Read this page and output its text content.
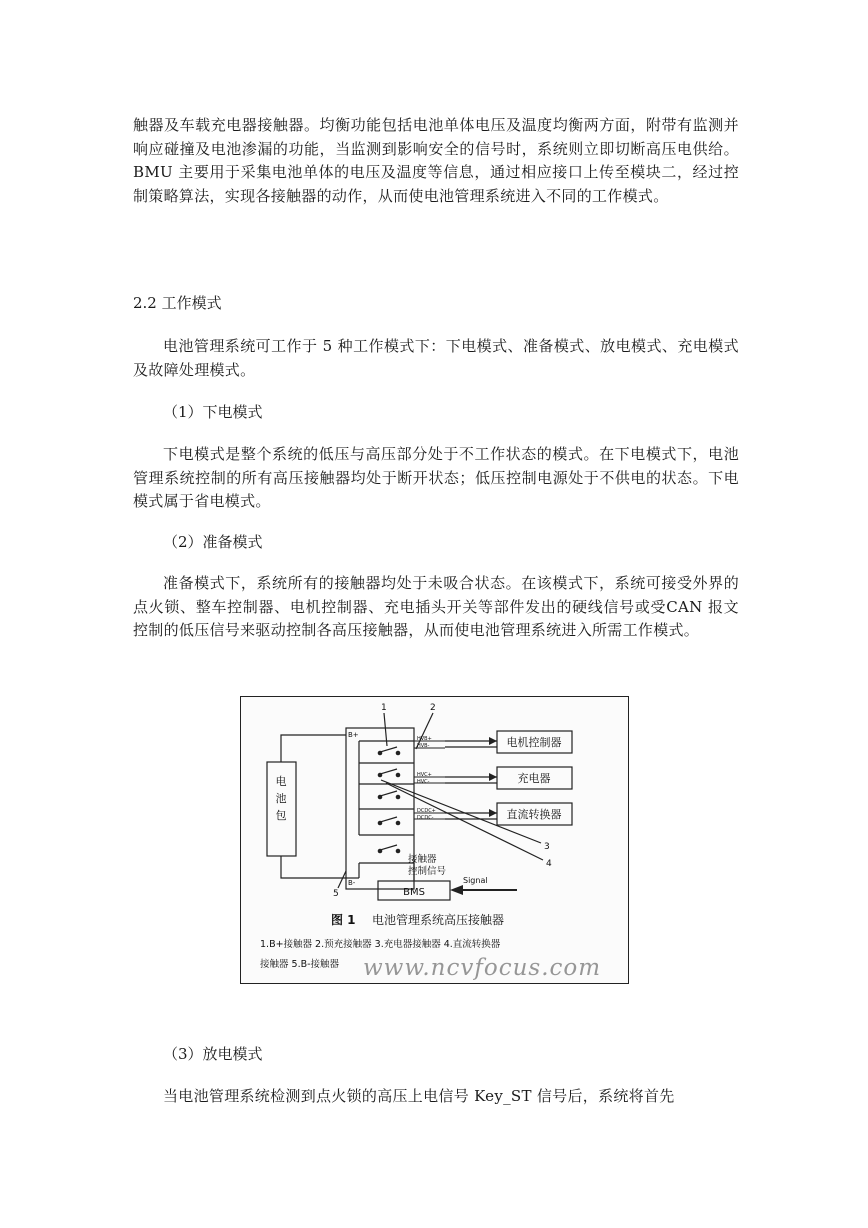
触器及车载充电器接触器。均衡功能包括电池单体电压及温度均衡两方面，附带有监测并响应碰撞及电池渗漏的功能，当监测到影响安全的信号时，系统则立即切断高压电供给。BMU 主要用于采集电池单体的电压及温度等信息，通过相应接口上传至模块二，经过控制策略算法，实现各接触器的动作，从而使电池管理系统进入不同的工作模式。

2.2 工作模式

电池管理系统可工作于 5 种工作模式下：下电模式、准备模式、放电模式、充电模式及故障处理模式。

（1）下电模式

下电模式是整个系统的低压与高压部分处于不工作状态的模式。在下电模式下，电池管理系统控制的所有高压接触器均处于断开状态；低压控制电源处于不供电的状态。下电模式属于省电模式。

（2）准备模式

准备模式下，系统所有的接触器均处于未吸合状态。在该模式下，系统可接受外界的点火锁、整车控制器、电机控制器、充电插头开关等部件发出的硬线信号或受CAN 报文控制的低压信号来驱动控制各高压接触器，从而使电池管理系统进入所需工作模式。

电
池
包
B+
B-
HVB+
HVB-
HVC+
HVC-
DCDC+
DCDC-
电机控制器
充电器
直流转换器
BMS
1	2
3
4
5
接触器
控制信号
Signal
图 1 电池管理系统高压接触器
1.B+接触器 2.预充接触器 3.充电器接触器 4.直流转换器
接触器 5.B-接触器 www.ncvfocus.com

（3）放电模式

当电池管理系统检测到点火锁的高压上电信号 Key_ST 信号后，系统将首先
